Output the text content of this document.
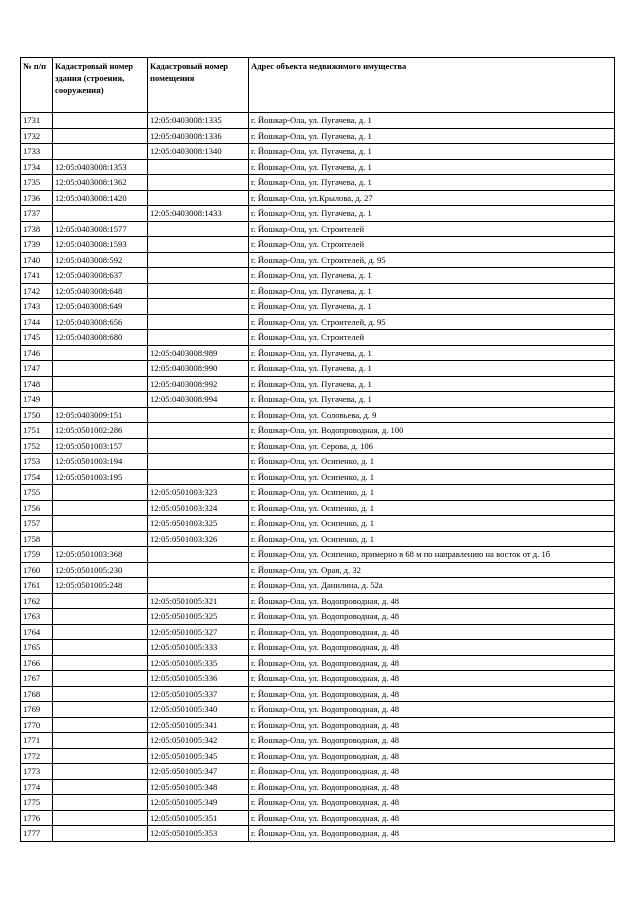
№ п/п	Кадастровый номер здания (строения, сооружения)	Кадастровый номер помещения	Адрес объекта недвижимого имущества
1731		12:05:0403008:1335	г. Йошкар-Ола, ул. Пугачева, д. 1
1732		12:05:0403008:1336	г. Йошкар-Ола, ул. Пугачева, д. 1
1733		12:05:0403008:1340	г. Йошкар-Ола, ул. Пугачева, д. 1
1734	12:05:0403008:1353		г. Йошкар-Ола, ул. Пугачева, д. 1
1735	12:05:0403008:1362		г. Йошкар-Ола, ул. Пугачева, д. 1
1736	12:05:0403008:1420		г. Йошкар-Ола, ул.Крылова, д. 27
1737		12:05:0403008:1433	г. Йошкар-Ола, ул. Пугачева, д. 1
1738	12:05:0403008:1577		г. Йошкар-Ола, ул. Строителей
1739	12:05:0403008:1593		г. Йошкар-Ола, ул. Строителей
1740	12:05:0403008:592		г. Йошкар-Ола, ул. Строителей, д. 95
1741	12:05:0403008:637		г. Йошкар-Ола, ул. Пугачева, д. 1
1742	12:05:0403008:648		г. Йошкар-Ола, ул. Пугачева, д. 1
1743	12:05:0403008:649		г. Йошкар-Ола, ул. Пугачева, д. 1
1744	12:05:0403008:656		г. Йошкар-Ола, ул. Строителей, д. 95
1745	12:05:0403008:680		г. Йошкар-Ола, ул. Строителей
1746		12:05:0403008:989	г. Йошкар-Ола, ул. Пугачева, д. 1
1747		12:05:0403008:990	г. Йошкар-Ола, ул. Пугачева, д. 1
1748		12:05:0403008:992	г. Йошкар-Ола, ул. Пугачева, д. 1
1749		12:05:0403008:994	г. Йошкар-Ола, ул. Пугачева, д. 1
1750	12:05:0403009:151		г. Йошкар-Ола, ул. Соловьева, д. 9
1751	12:05:0501002:286		г. Йошкар-Ола, ул. Водопроводная, д. 100
1752	12:05:0501003:157		г. Йошкар-Ола, ул. Серова, д. 106
1753	12:05:0501003:194		г. Йошкар-Ола, ул. Осипенко, д. 1
1754	12:05:0501003:195		г. Йошкар-Ола, ул. Осипенко, д. 1
1755		12:05:0501003:323	г. Йошкар-Ола, ул. Осипенко, д. 1
1756		12:05:0501003:324	г. Йошкар-Ола, ул. Осипенко, д. 1
1757		12:05:0501003:325	г. Йошкар-Ола, ул. Осипенко, д. 1
1758		12:05:0501003:326	г. Йошкар-Ола, ул. Осипенко, д. 1
1759	12:05:0501003:368		г. Йошкар-Ола, ул. Осипенко, примерно в 68 м по направлению на восток от д. 1б
1760	12:05:0501005:230		г. Йошкар-Ола, ул. Орая, д. 32
1761	12:05:0501005:248		г. Йошкар-Ола, ул. Данилина, д. 52а
1762		12:05:0501005:321	г. Йошкар-Ола, ул. Водопроводная, д. 48
1763		12:05:0501005:325	г. Йошкар-Ола, ул. Водопроводная, д. 48
1764		12:05:0501005:327	г. Йошкар-Ола, ул. Водопроводная, д. 48
1765		12:05:0501005:333	г. Йошкар-Ола, ул. Водопроводная, д. 48
1766		12:05:0501005:335	г. Йошкар-Ола, ул. Водопроводная, д. 48
1767		12:05:0501005:336	г. Йошкар-Ола, ул. Водопроводная, д. 48
1768		12:05:0501005:337	г. Йошкар-Ола, ул. Водопроводная, д. 48
1769		12:05:0501005:340	г. Йошкар-Ола, ул. Водопроводная, д. 48
1770		12:05:0501005:341	г. Йошкар-Ола, ул. Водопроводная, д. 48
1771		12:05:0501005:342	г. Йошкар-Ола, ул. Водопроводная, д. 48
1772		12:05:0501005:345	г. Йошкар-Ола, ул. Водопроводная, д. 48
1773		12:05:0501005:347	г. Йошкар-Ола, ул. Водопроводная, д. 48
1774		12:05:0501005:348	г. Йошкар-Ола, ул. Водопроводная, д. 48
1775		12:05:0501005:349	г. Йошкар-Ола, ул. Водопроводная, д. 48
1776		12:05:0501005:351	г. Йошкар-Ола, ул. Водопроводная, д. 48
1777		12:05:0501005:353	г. Йошкар-Ола, ул. Водопроводная, д. 48
